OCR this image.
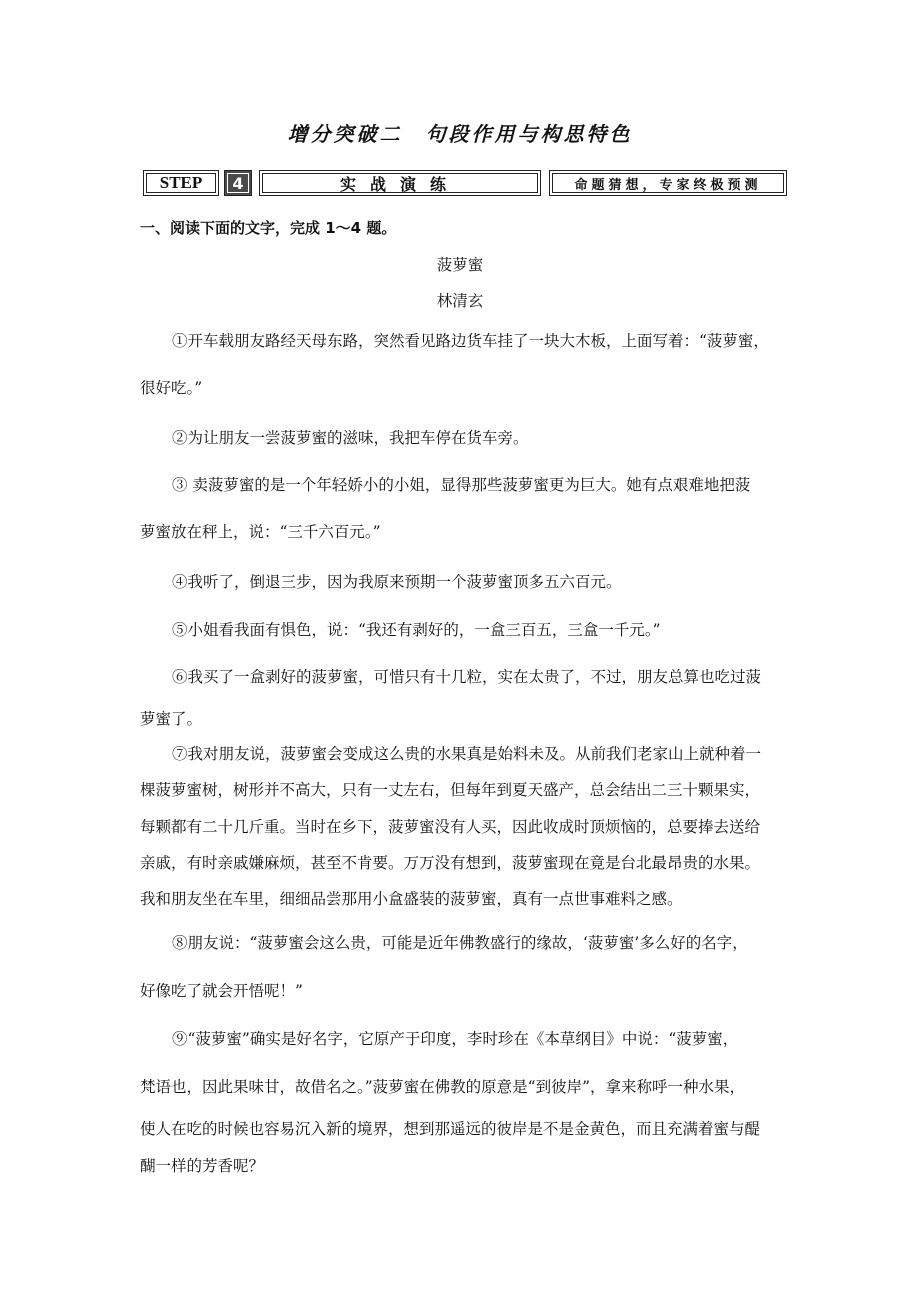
增分突破二　句段作用与构思特色
STEP	4	实战演练	命题猜想，专家终极预测
一、阅读下面的文字，完成 1～4 题。
菠萝蜜
林清玄
①开车载朋友路经天母东路，突然看见路边货车挂了一块大木板，上面写着：“菠萝蜜，
很好吃。”
②为让朋友一尝菠萝蜜的滋味，我把车停在货车旁。
③ 卖菠萝蜜的是一个年轻娇小的小姐，显得那些菠萝蜜更为巨大。她有点艰难地把菠
萝蜜放在秤上，说：“三千六百元。”
④我听了，倒退三步，因为我原来预期一个菠萝蜜顶多五六百元。
⑤小姐看我面有惧色，说：“我还有剥好的，一盒三百五，三盒一千元。”
⑥我买了一盒剥好的菠萝蜜，可惜只有十几粒，实在太贵了，不过，朋友总算也吃过菠
萝蜜了。
⑦我对朋友说，菠萝蜜会变成这么贵的水果真是始料未及。从前我们老家山上就种着一
棵菠萝蜜树，树形并不高大，只有一丈左右，但每年到夏天盛产，总会结出二三十颗果实，
每颗都有二十几斤重。当时在乡下，菠萝蜜没有人买，因此收成时顶烦恼的，总要捧去送给
亲戚，有时亲戚嫌麻烦，甚至不肯要。万万没有想到，菠萝蜜现在竟是台北最昂贵的水果。
我和朋友坐在车里，细细品尝那用小盒盛装的菠萝蜜，真有一点世事难料之感。
⑧朋友说：“菠萝蜜会这么贵，可能是近年佛教盛行的缘故，‘菠萝蜜’多么好的名字，
好像吃了就会开悟呢！”
⑨“菠萝蜜”确实是好名字，它原产于印度，李时珍在《本草纲目》中说：“菠萝蜜，
梵语也，因此果味甘，故借名之。”菠萝蜜在佛教的原意是“到彼岸”，拿来称呼一种水果，
使人在吃的时候也容易沉入新的境界，想到那遥远的彼岸是不是金黄色，而且充满着蜜与醍
醐一样的芳香呢？
